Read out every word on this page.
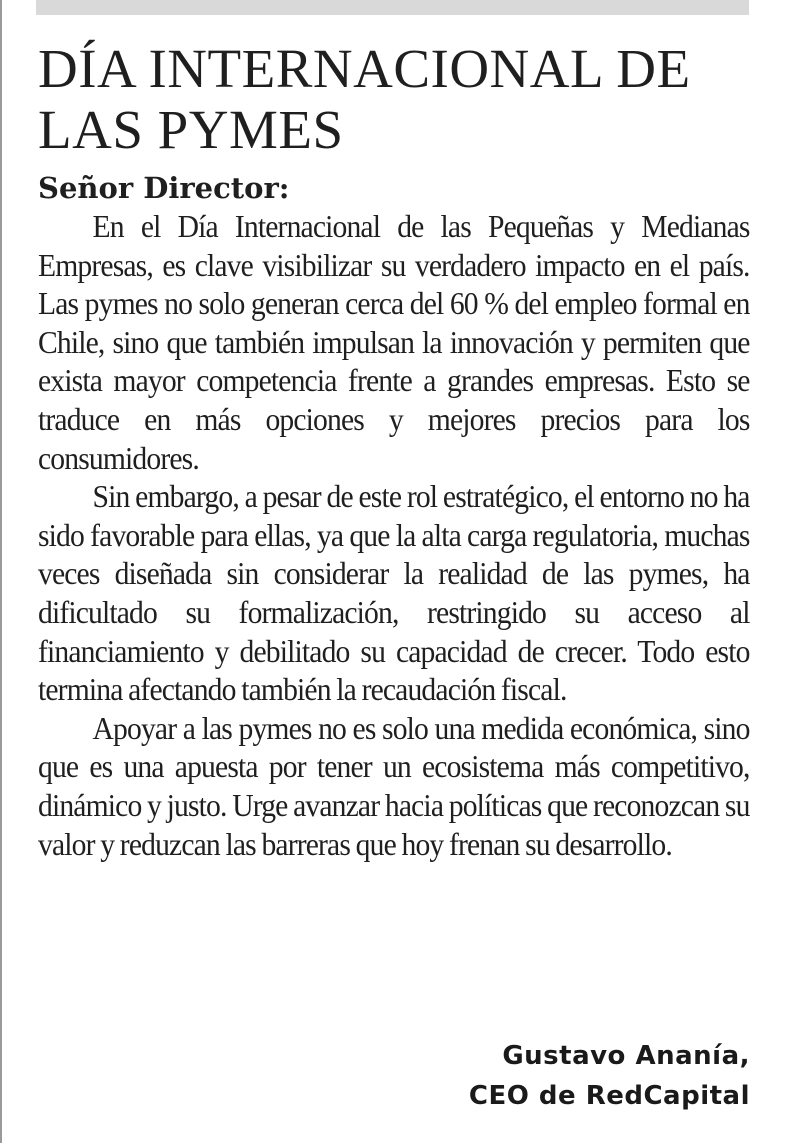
DÍA INTERNACIONAL DE
LAS PYMES

Señor Director:

En el Día Internacional de las Pequeñas y Medianas Empresas, es clave visibilizar su verdadero impacto en el país. Las pymes no solo generan cerca del 60 % del empleo formal en Chile, sino que también impulsan la innovación y permiten que exista mayor competencia frente a grandes empresas. Esto se traduce en más opciones y mejores precios para los consumidores.

Sin embargo, a pesar de este rol estratégico, el entorno no ha sido favorable para ellas, ya que la alta carga regulatoria, muchas veces diseñada sin considerar la realidad de las pymes, ha dificultado su formalización, restringido su acceso al financiamiento y debilitado su capacidad de crecer. Todo esto termina afectando también la recaudación fiscal.

Apoyar a las pymes no es solo una medida económica, sino que es una apuesta por tener un ecosistema más competitivo, dinámico y justo. Urge avanzar hacia políticas que reconozcan su valor y reduzcan las barreras que hoy frenan su desarrollo.

Gustavo Ananía,
CEO de RedCapital
